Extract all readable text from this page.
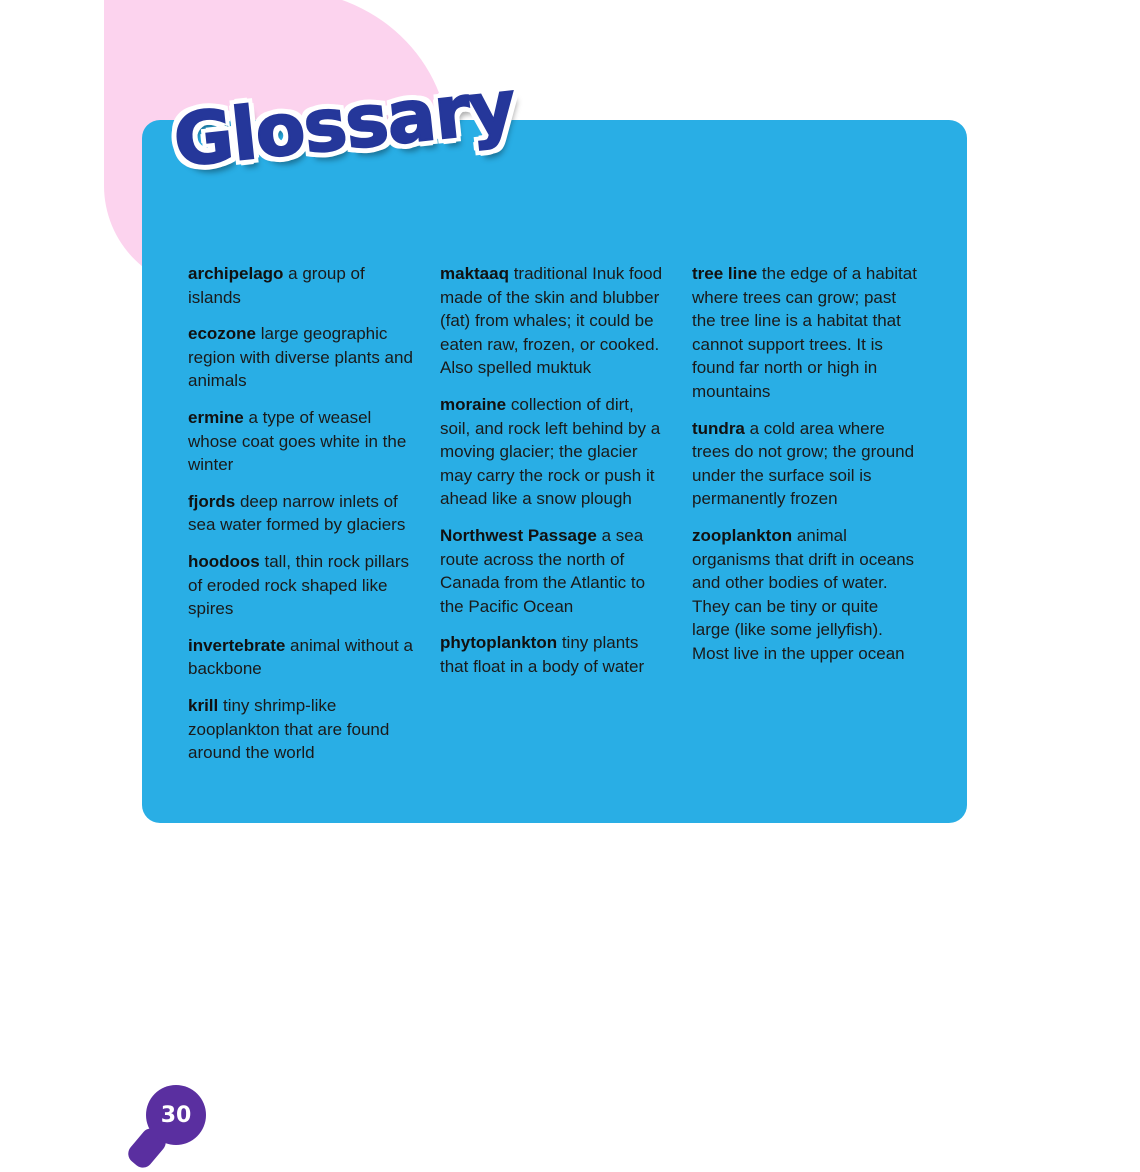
Glossary

archipelago a group of islands

ecozone large geographic region with diverse plants and animals

ermine a type of weasel whose coat goes white in the winter

fjords deep narrow inlets of sea water formed by glaciers

hoodoos tall, thin rock pillars of eroded rock shaped like spires

invertebrate animal without a backbone

krill tiny shrimp-like zooplankton that are found around the world

maktaaq traditional Inuk food made of the skin and blubber (fat) from whales; it could be eaten raw, frozen, or cooked. Also spelled muktuk

moraine collection of dirt, soil, and rock left behind by a moving glacier; the glacier may carry the rock or push it ahead like a snow plough

Northwest Passage a sea route across the north of Canada from the Atlantic to the Pacific Ocean

phytoplankton tiny plants that float in a body of water

tree line the edge of a habitat where trees can grow; past the tree line is a habitat that cannot support trees. It is found far north or high in mountains

tundra a cold area where trees do not grow; the ground under the surface soil is permanently frozen

zooplankton animal organisms that drift in oceans and other bodies of water. They can be tiny or quite large (like some jellyfish). Most live in the upper ocean

30
